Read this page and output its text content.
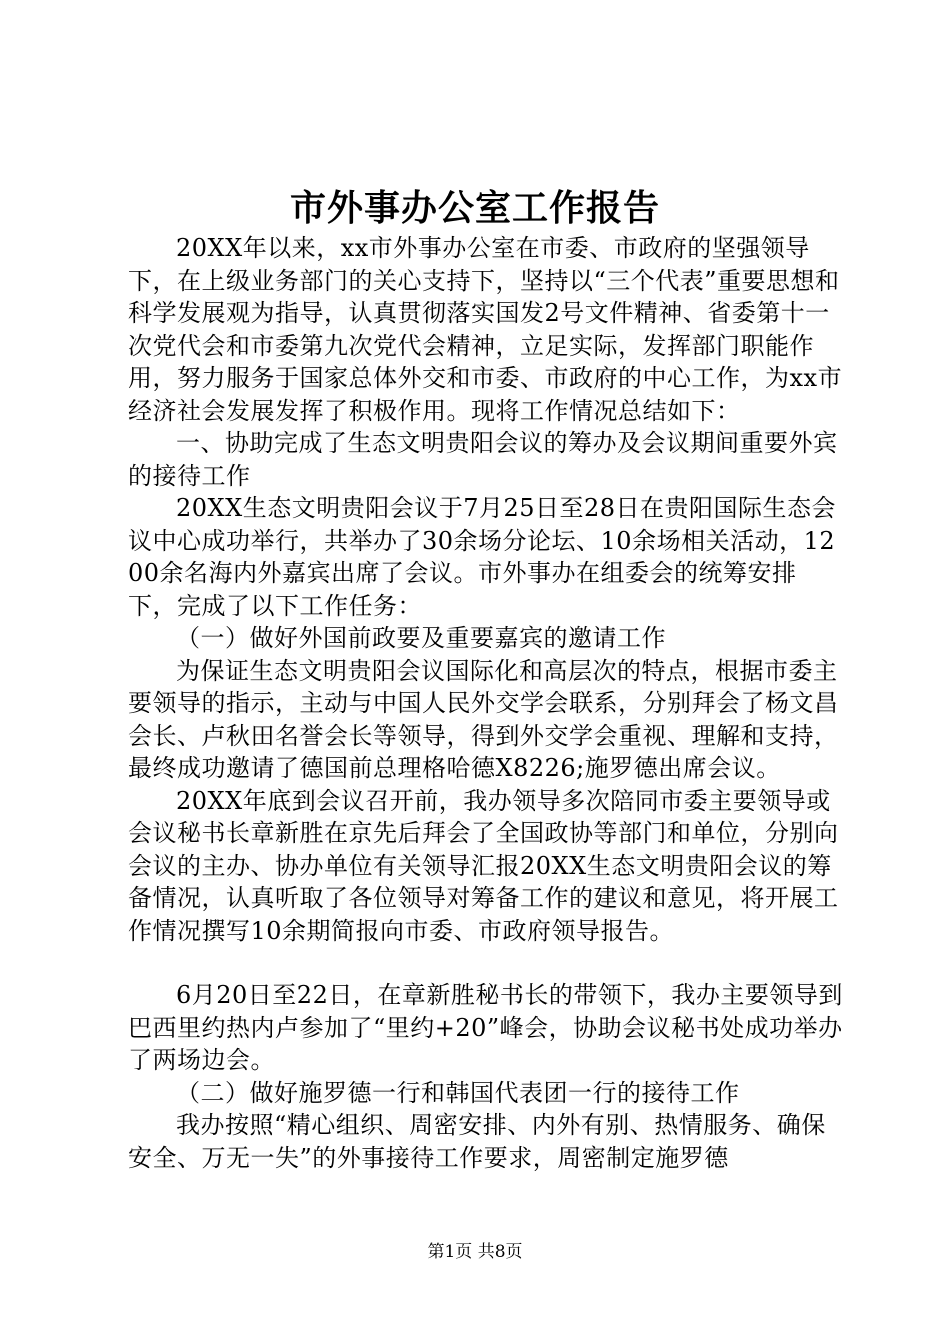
市外事办公室工作报告

20XX年以来，xx市外事办公室在市委、市政府的坚强领导下，在上级业务部门的关心支持下，坚持以“三个代表”重要思想和科学发展观为指导，认真贯彻落实国发2号文件精神、省委第十一次党代会和市委第九次党代会精神，立足实际，发挥部门职能作用，努力服务于国家总体外交和市委、市政府的中心工作，为xx市经济社会发展发挥了积极作用。现将工作情况总结如下：

一、协助完成了生态文明贵阳会议的筹办及会议期间重要外宾的接待工作

20XX生态文明贵阳会议于7月25日至28日在贵阳国际生态会议中心成功举行，共举办了30余场分论坛、10余场相关活动，1200余名海内外嘉宾出席了会议。市外事办在组委会的统筹安排下，完成了以下工作任务：

（一）做好外国前政要及重要嘉宾的邀请工作

为保证生态文明贵阳会议国际化和高层次的特点，根据市委主要领导的指示，主动与中国人民外交学会联系，分别拜会了杨文昌会长、卢秋田名誉会长等领导，得到外交学会重视、理解和支持，最终成功邀请了德国前总理格哈德X8226;施罗德出席会议。

20XX年底到会议召开前，我办领导多次陪同市委主要领导或会议秘书长章新胜在京先后拜会了全国政协等部门和单位，分别向会议的主办、协办单位有关领导汇报20XX生态文明贵阳会议的筹备情况，认真听取了各位领导对筹备工作的建议和意见，将开展工作情况撰写10余期简报向市委、市政府领导报告。

6月20日至22日，在章新胜秘书长的带领下，我办主要领导到巴西里约热内卢参加了“里约+20”峰会，协助会议秘书处成功举办了两场边会。

（二）做好施罗德一行和韩国代表团一行的接待工作

我办按照“精心组织、周密安排、内外有别、热情服务、确保安全、万无一失”的外事接待工作要求，周密制定施罗德

第1页 共8页
